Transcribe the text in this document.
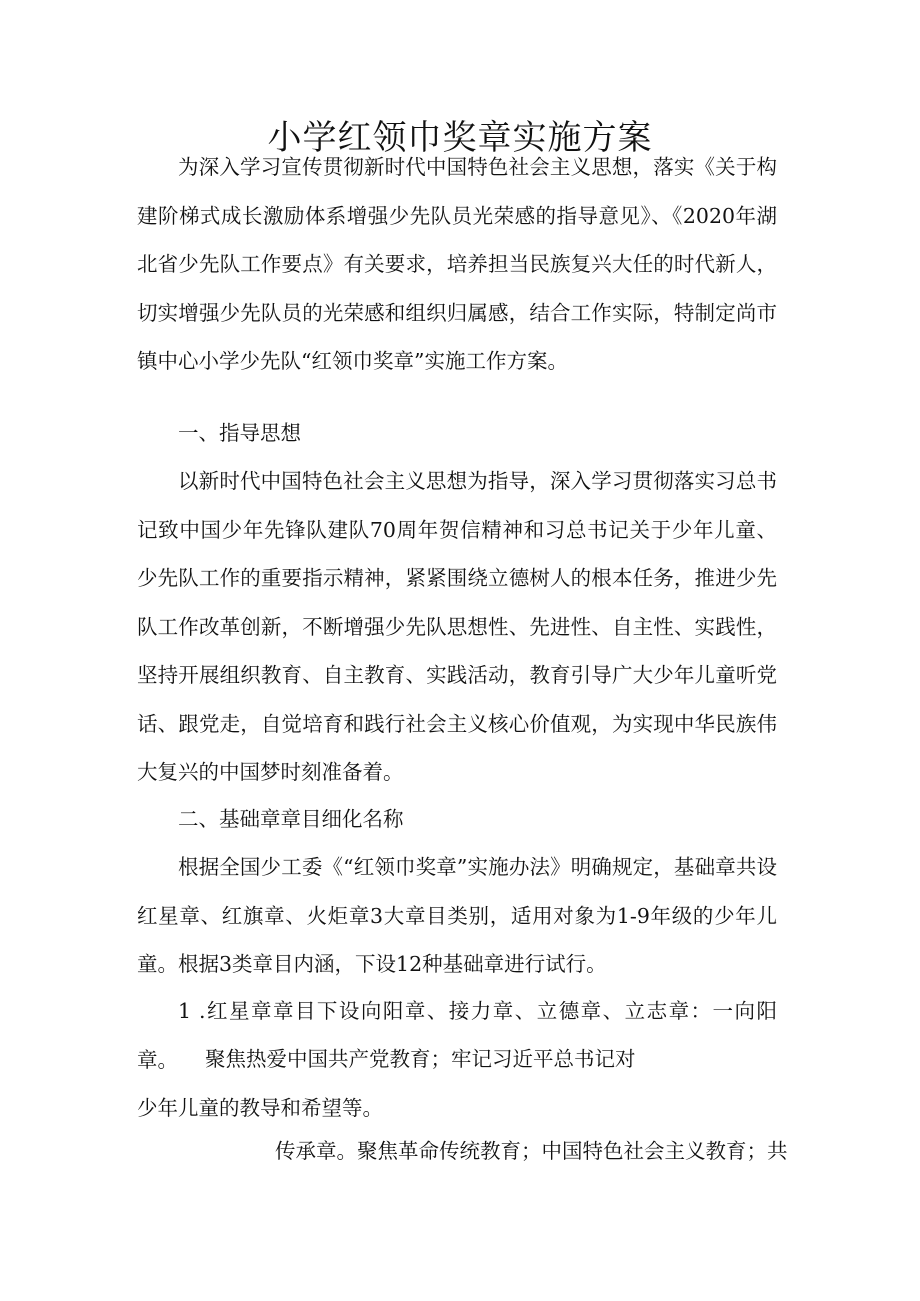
小学红领巾奖章实施方案

为深入学习宣传贯彻新时代中国特色社会主义思想，落实《关于构建阶梯式成长激励体系增强少先队员光荣感的指导意见》、《2020年湖北省少先队工作要点》有关要求，培养担当民族复兴大任的时代新人，切实增强少先队员的光荣感和组织归属感，结合工作实际，特制定尚市镇中心小学少先队“红领巾奖章”实施工作方案。

一、指导思想

以新时代中国特色社会主义思想为指导，深入学习贯彻落实习总书记致中国少年先锋队建队70周年贺信精神和习总书记关于少年儿童、少先队工作的重要指示精神，紧紧围绕立德树人的根本任务，推进少先队工作改革创新，不断增强少先队思想性、先进性、自主性、实践性，坚持开展组织教育、自主教育、实践活动，教育引导广大少年儿童听党话、跟党走，自觉培育和践行社会主义核心价值观，为实现中华民族伟大复兴的中国梦时刻准备着。

二、基础章章目细化名称

根据全国少工委《“红领巾奖章”实施办法》明确规定，基础章共设红星章、红旗章、火炬章3大章目类别，适用对象为1-9年级的少年儿童。根据3类章目内涵，下设12种基础章进行试行。

1 .红星章章目下设向阳章、接力章、立德章、立志章：一向阳章。	聚焦热爱中国共产党教育；牢记习近平总书记对

少年儿童的教导和希望等。

传承章。聚焦革命传统教育；中国特色社会主义教育；共
